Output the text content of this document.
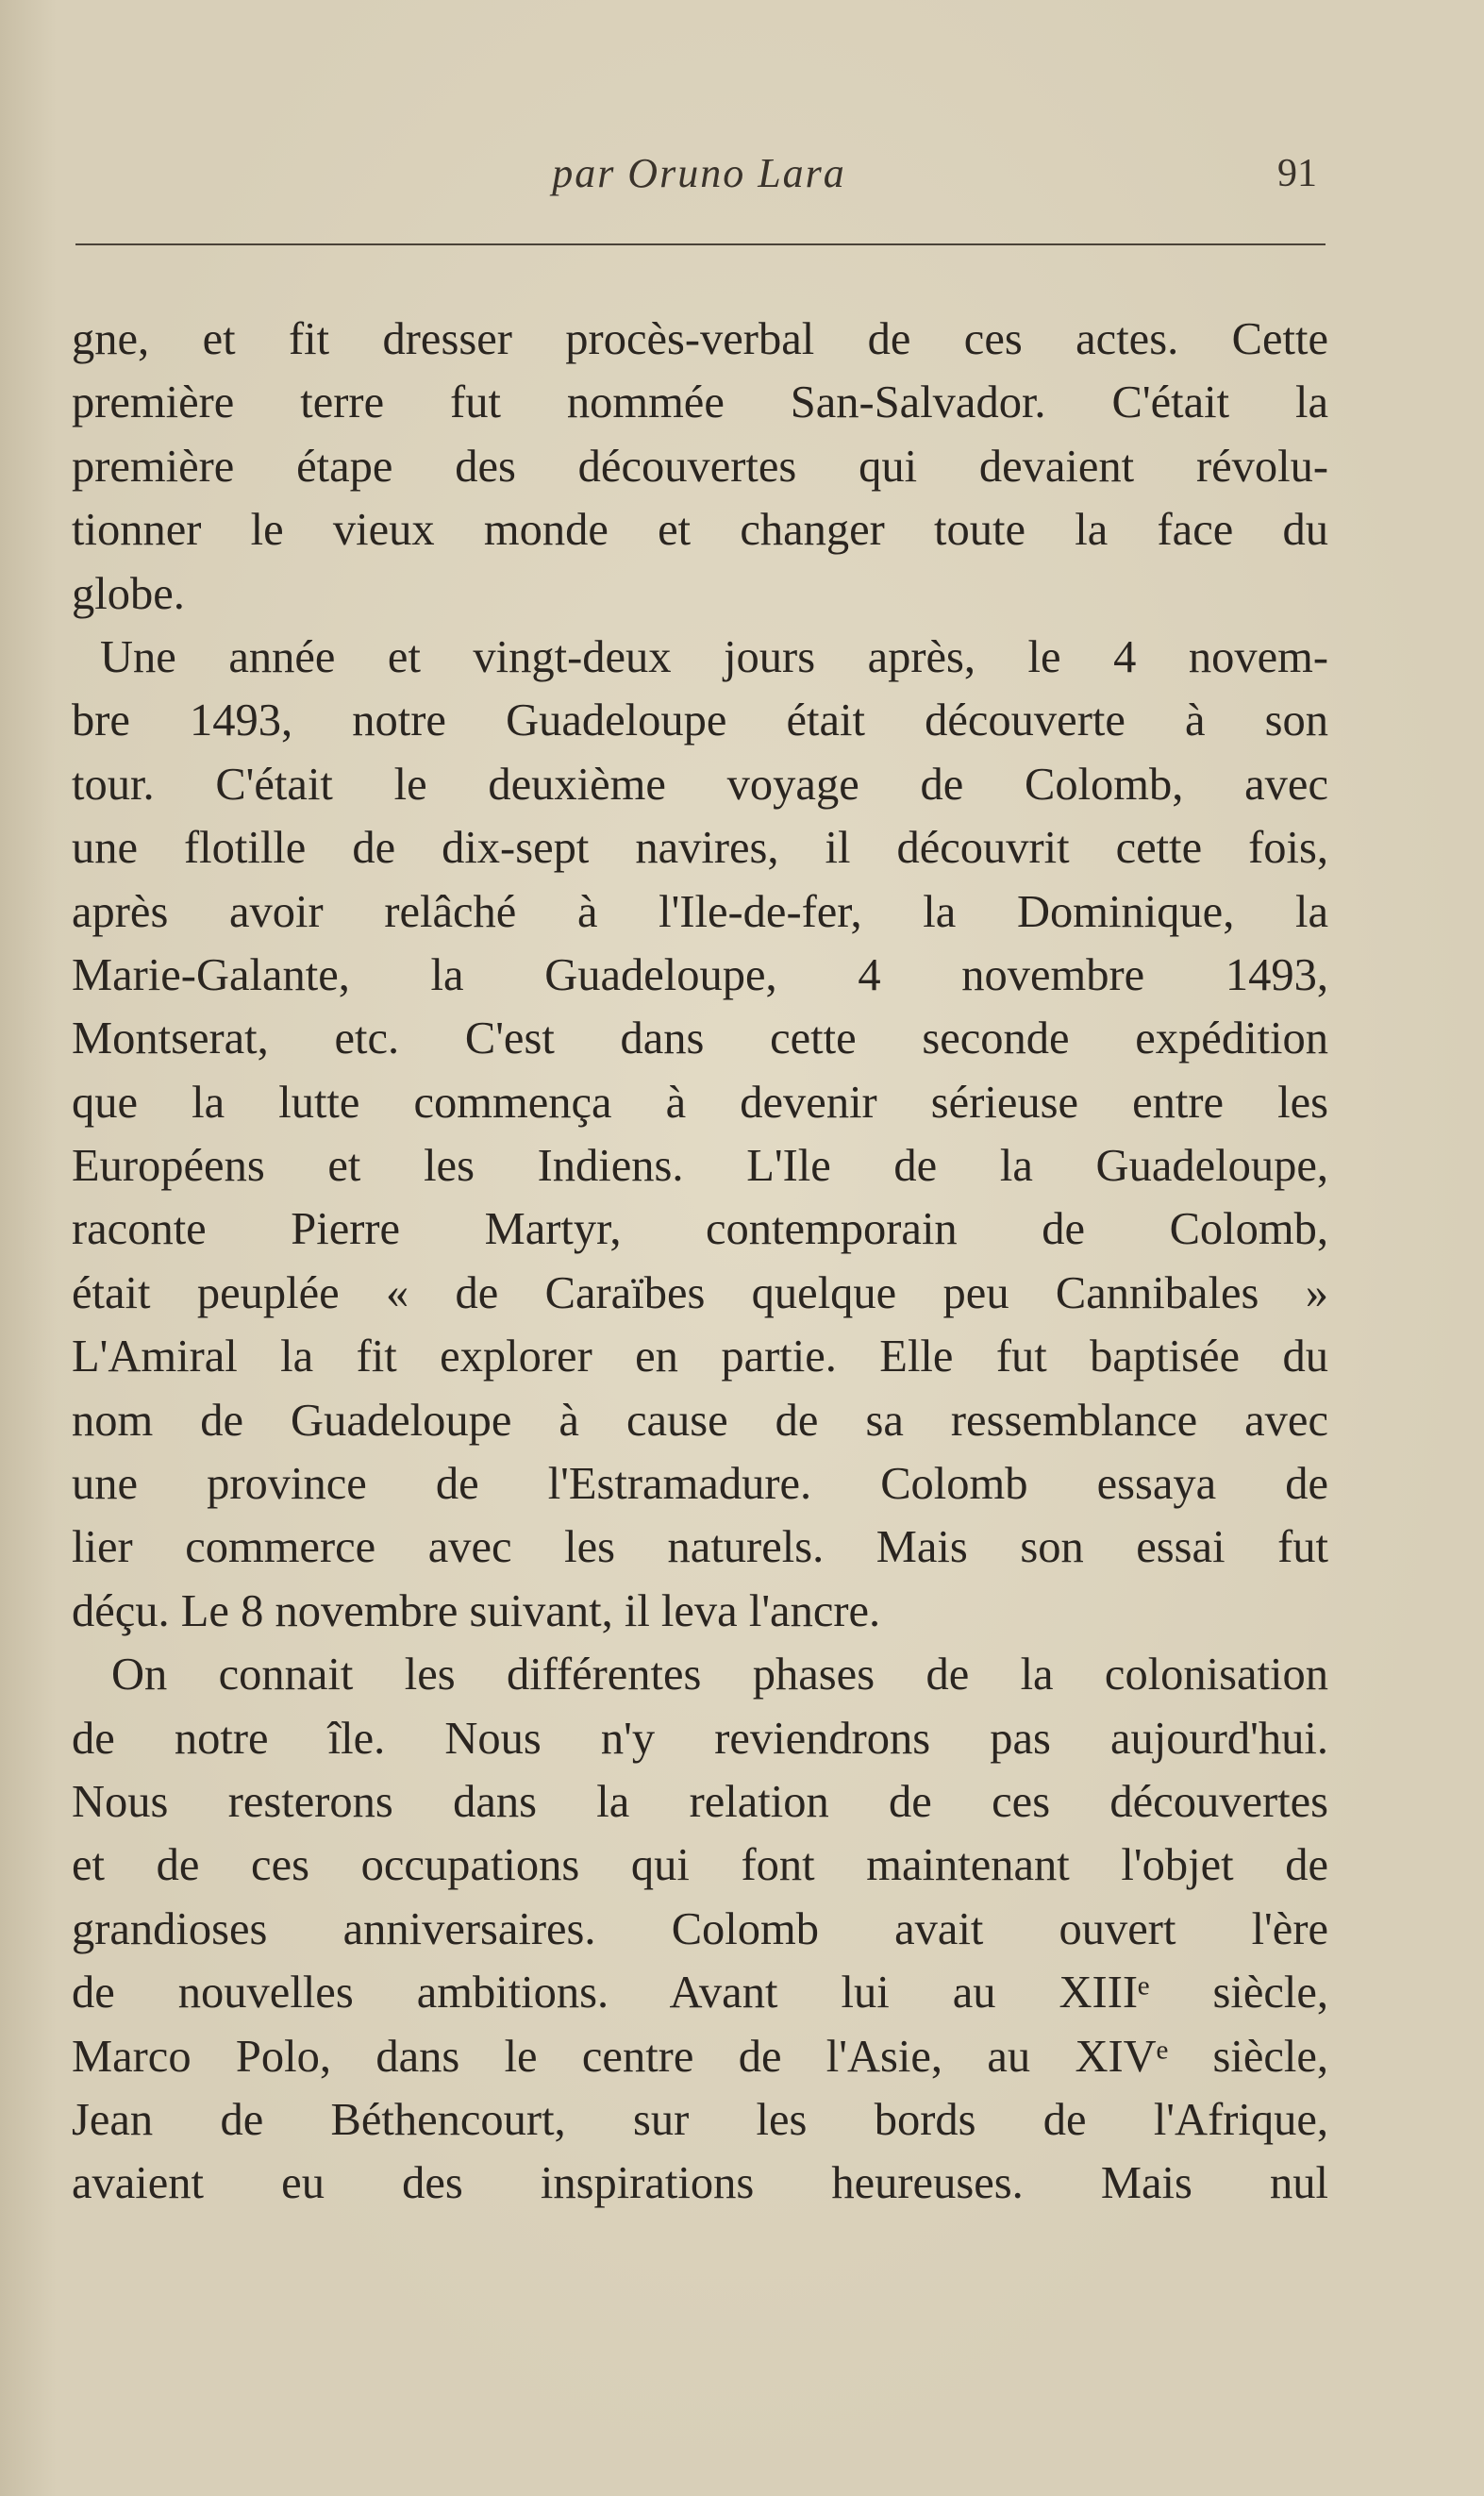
par Oruno Lara	91
gne, et fit dresser procès-verbal de ces actes. Cette
première terre fut nommée San-Salvador. C'était la
première étape des découvertes qui devaient révolu-
tionner le vieux monde et changer toute la face du
globe.
Une année et vingt-deux jours après, le 4 novem-
bre 1493, notre Guadeloupe était découverte à son
tour. C'était le deuxième voyage de Colomb, avec
une flotille de dix-sept navires, il découvrit cette fois,
après avoir relâché à l'Ile-de-fer, la Dominique, la
Marie-Galante, la Guadeloupe, 4 novembre 1493,
Montserat, etc. C'est dans cette seconde expédition
que la lutte commença à devenir sérieuse entre les
Européens et les Indiens. L'Ile de la Guadeloupe,
raconte Pierre Martyr, contemporain de Colomb,
était peuplée « de Caraïbes quelque peu Cannibales »
L'Amiral la fit explorer en partie. Elle fut baptisée du
nom de Guadeloupe à cause de sa ressemblance avec
une province de l'Estramadure. Colomb essaya de
lier commerce avec les naturels. Mais son essai fut
déçu. Le 8 novembre suivant, il leva l'ancre.
On connait les différentes phases de la colonisation
de notre île. Nous n'y reviendrons pas aujourd'hui.
Nous resterons dans la relation de ces découvertes
et de ces occupations qui font maintenant l'objet de
grandioses anniversaires. Colomb avait ouvert l'ère
de nouvelles ambitions. Avant lui au XIIIᵉ siècle,
Marco Polo, dans le centre de l'Asie, au XIVᵉ siècle,
Jean de Béthencourt, sur les bords de l'Afrique,
avaient eu des inspirations heureuses. Mais nul
